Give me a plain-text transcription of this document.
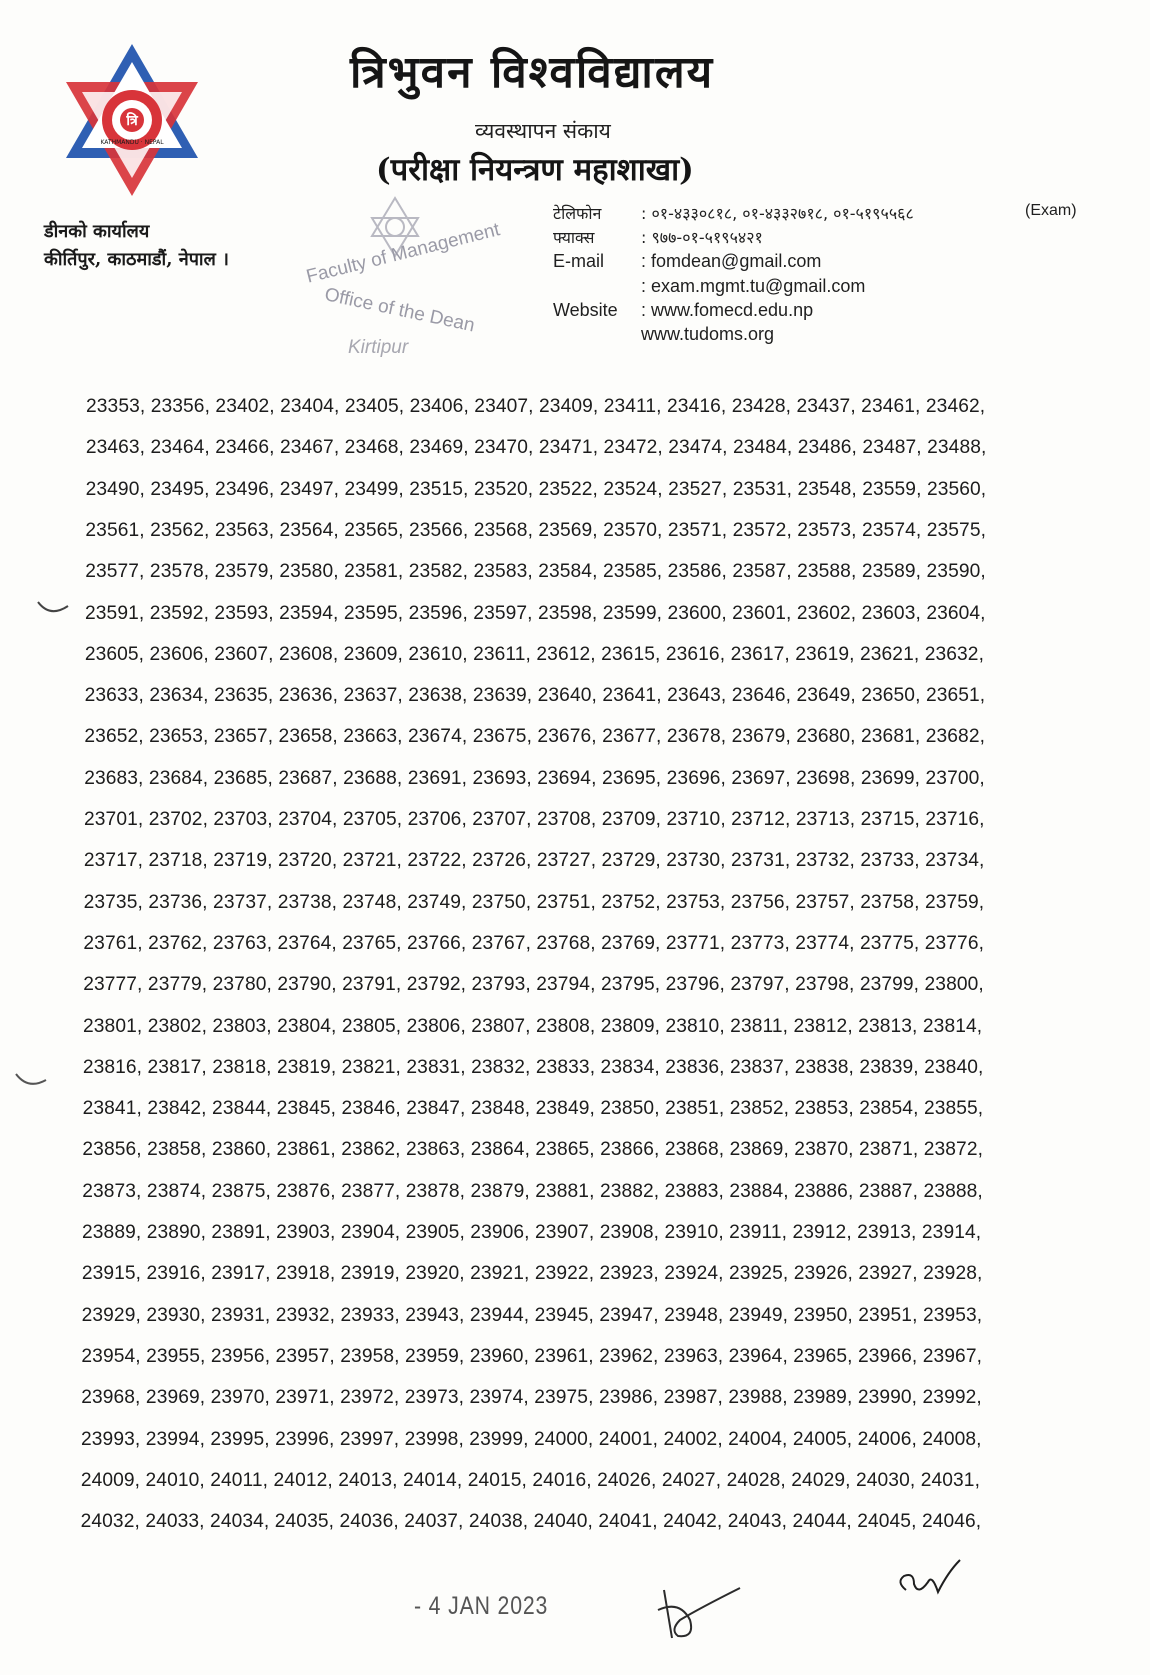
त्रि
KATHMANDU · NEPAL
त्रिभुवन विश्वविद्यालय
व्यवस्थापन संकाय
(परीक्षा नियन्त्रण महाशाखा)
डीनको कार्यालय
कीर्तिपुर, काठमाडौं, नेपाल ।	Faculty of Management
Office of the Dean
Kirtipur
टेलिफोन : ०१-४३३०८१८, ०१-४३३२७१८, ०१-५१९५५६८	(Exam)
फ्याक्स	: ९७७-०१-५१९५४२१
E-mail : fomdean@gmail.com
: exam.mgmt.tu@gmail.com
Website : www.fomecd.edu.np
www.tudoms.org
23353, 23356, 23402, 23404, 23405, 23406, 23407, 23409, 23411, 23416, 23428, 23437, 23461, 23462,
23463, 23464, 23466, 23467, 23468, 23469, 23470, 23471, 23472, 23474, 23484, 23486, 23487, 23488,
23490, 23495, 23496, 23497, 23499, 23515, 23520, 23522, 23524, 23527, 23531, 23548, 23559, 23560,
23561, 23562, 23563, 23564, 23565, 23566, 23568, 23569, 23570, 23571, 23572, 23573, 23574, 23575,
23577, 23578, 23579, 23580, 23581, 23582, 23583, 23584, 23585, 23586, 23587, 23588, 23589, 23590,
23591, 23592, 23593, 23594, 23595, 23596, 23597, 23598, 23599, 23600, 23601, 23602, 23603, 23604,
23605, 23606, 23607, 23608, 23609, 23610, 23611, 23612, 23615, 23616, 23617, 23619, 23621, 23632,
23633, 23634, 23635, 23636, 23637, 23638, 23639, 23640, 23641, 23643, 23646, 23649, 23650, 23651,
23652, 23653, 23657, 23658, 23663, 23674, 23675, 23676, 23677, 23678, 23679, 23680, 23681, 23682,
23683, 23684, 23685, 23687, 23688, 23691, 23693, 23694, 23695, 23696, 23697, 23698, 23699, 23700,
23701, 23702, 23703, 23704, 23705, 23706, 23707, 23708, 23709, 23710, 23712, 23713, 23715, 23716,
23717, 23718, 23719, 23720, 23721, 23722, 23726, 23727, 23729, 23730, 23731, 23732, 23733, 23734,
23735, 23736, 23737, 23738, 23748, 23749, 23750, 23751, 23752, 23753, 23756, 23757, 23758, 23759,
23761, 23762, 23763, 23764, 23765, 23766, 23767, 23768, 23769, 23771, 23773, 23774, 23775, 23776,
23777, 23779, 23780, 23790, 23791, 23792, 23793, 23794, 23795, 23796, 23797, 23798, 23799, 23800,
23801, 23802, 23803, 23804, 23805, 23806, 23807, 23808, 23809, 23810, 23811, 23812, 23813, 23814,
23816, 23817, 23818, 23819, 23821, 23831, 23832, 23833, 23834, 23836, 23837, 23838, 23839, 23840,
23841, 23842, 23844, 23845, 23846, 23847, 23848, 23849, 23850, 23851, 23852, 23853, 23854, 23855,
23856, 23858, 23860, 23861, 23862, 23863, 23864, 23865, 23866, 23868, 23869, 23870, 23871, 23872,
23873, 23874, 23875, 23876, 23877, 23878, 23879, 23881, 23882, 23883, 23884, 23886, 23887, 23888,
23889, 23890, 23891, 23903, 23904, 23905, 23906, 23907, 23908, 23910, 23911, 23912, 23913, 23914,
23915, 23916, 23917, 23918, 23919, 23920, 23921, 23922, 23923, 23924, 23925, 23926, 23927, 23928,
23929, 23930, 23931, 23932, 23933, 23943, 23944, 23945, 23947, 23948, 23949, 23950, 23951, 23953,
23954, 23955, 23956, 23957, 23958, 23959, 23960, 23961, 23962, 23963, 23964, 23965, 23966, 23967,
23968, 23969, 23970, 23971, 23972, 23973, 23974, 23975, 23986, 23987, 23988, 23989, 23990, 23992,
23993, 23994, 23995, 23996, 23997, 23998, 23999, 24000, 24001, 24002, 24004, 24005, 24006, 24008,
24009, 24010, 24011, 24012, 24013, 24014, 24015, 24016, 24026, 24027, 24028, 24029, 24030, 24031,
24032, 24033, 24034, 24035, 24036, 24037, 24038, 24040, 24041, 24042, 24043, 24044, 24045, 24046,
- 4 JAN 2023
